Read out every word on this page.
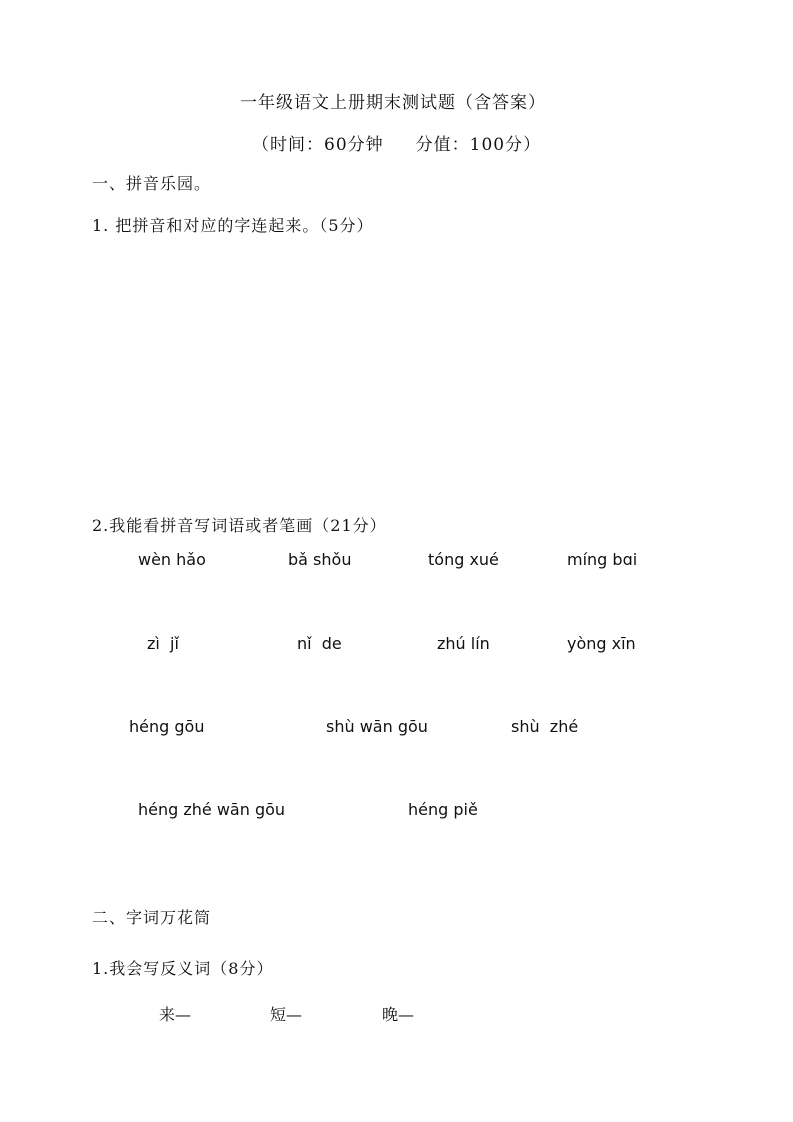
一年级语文上册期末测试题（含答案）
（时间：60分钟     分值：100分）
一、拼音乐园。
1. 把拼音和对应的字连起来。（5分）
2.我能看拼音写词语或者笔画（21分）
wèn hǎo	bǎ shǒu	tóng xué	míng bɑi
zì  jǐ	nǐ  de	zhú lín	yòng xīn
héng gōu	shù wān gōu	shù  zhé
héng zhé wān gōu	héng piě
二、字词万花筒
1.我会写反义词（8分）
来—	短—	晚—
